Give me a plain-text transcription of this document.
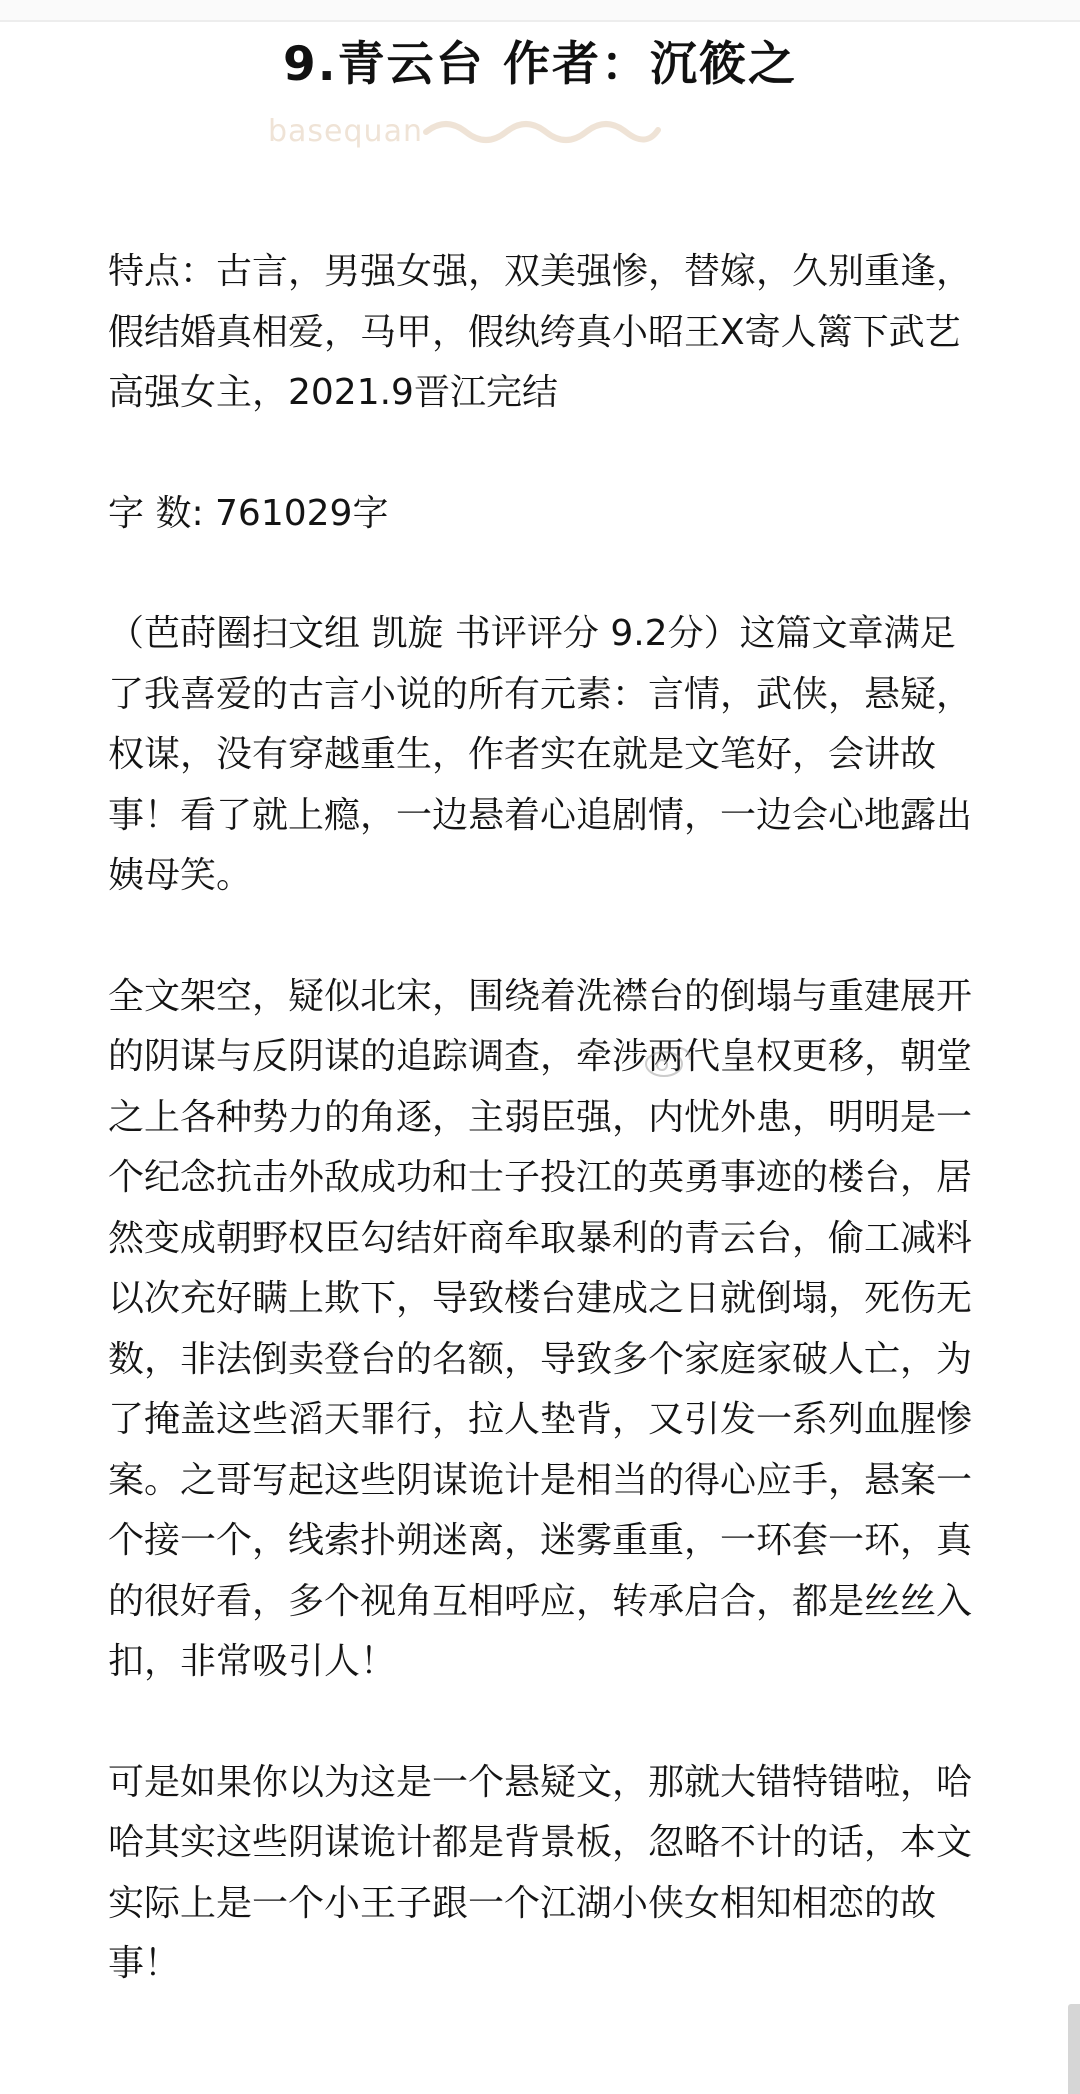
9.青云台 作者：沉筱之
basequan

特点：古言，男强女强，双美强惨，替嫁，久别重逢，假结婚真相爱，马甲，假纨绔真小昭王X寄人篱下武艺高强女主，2021.9晋江完结

字 数: 761029字

（芭莳圈扫文组 凯旋 书评评分 9.2分）这篇文章满足了我喜爱的古言小说的所有元素：言情，武侠，悬疑，权谋，没有穿越重生，作者实在就是文笔好，会讲故事！看了就上瘾，一边悬着心追剧情，一边会心地露出姨母笑。

全文架空，疑似北宋，围绕着洗襟台的倒塌与重建展开的阴谋与反阴谋的追踪调查，牵涉两代皇权更移，朝堂之上各种势力的角逐，主弱臣强，内忧外患，明明是一个纪念抗击外敌成功和士子投江的英勇事迹的楼台，居然变成朝野权臣勾结奸商牟取暴利的青云台，偷工减料以次充好瞒上欺下，导致楼台建成之日就倒塌，死伤无数，非法倒卖登台的名额，导致多个家庭家破人亡，为了掩盖这些滔天罪行，拉人垫背，又引发一系列血腥惨案。之哥写起这些阴谋诡计是相当的得心应手，悬案一个接一个，线索扑朔迷离，迷雾重重，一环套一环，真的很好看，多个视角互相呼应，转承启合，都是丝丝入扣，非常吸引人！

可是如果你以为这是一个悬疑文，那就大错特错啦，哈哈其实这些阴谋诡计都是背景板，忽略不计的话，本文实际上是一个小王子跟一个江湖小侠女相知相恋的故事！
